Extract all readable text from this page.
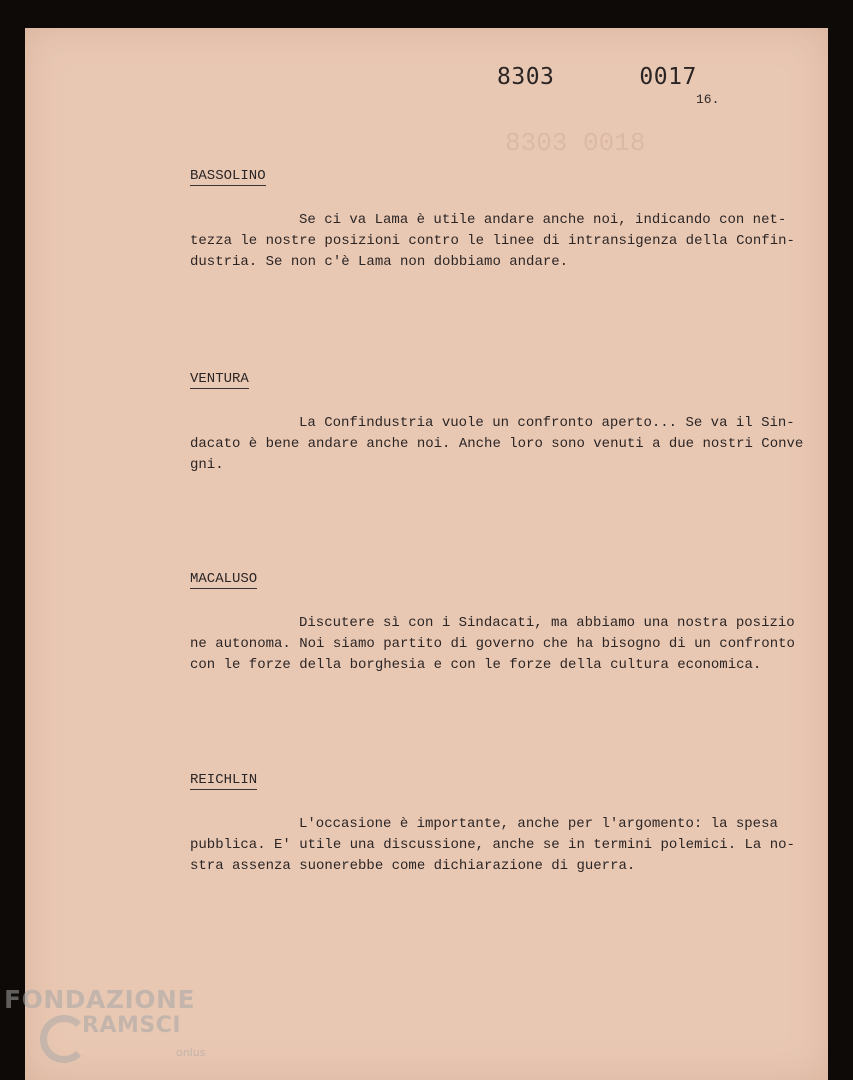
8303 0018
8303   0017
16.
BASSOLINO
Se ci va Lama è utile andare anche noi, indicando con net-
tezza le nostre posizioni contro le linee di intransigenza della Confin-
dustria. Se non c'è Lama non dobbiamo andare.
VENTURA
La Confindustria vuole un confronto aperto... Se va il Sin-
dacato è bene andare anche noi. Anche loro sono venuti a due nostri Conve
gni.
MACALUSO
Discutere sì con i Sindacati, ma abbiamo una nostra posizio
ne autonoma. Noi siamo partito di governo che ha bisogno di un confronto
con le forze della borghesia e con le forze della cultura economica.
REICHLIN
L'occasione è importante, anche per l'argomento: la spesa
pubblica. E' utile una discussione, anche se in termini polemici. La no-
stra assenza suonerebbe come dichiarazione di guerra.
FONDAZIONE
RAMSCI
onlus
